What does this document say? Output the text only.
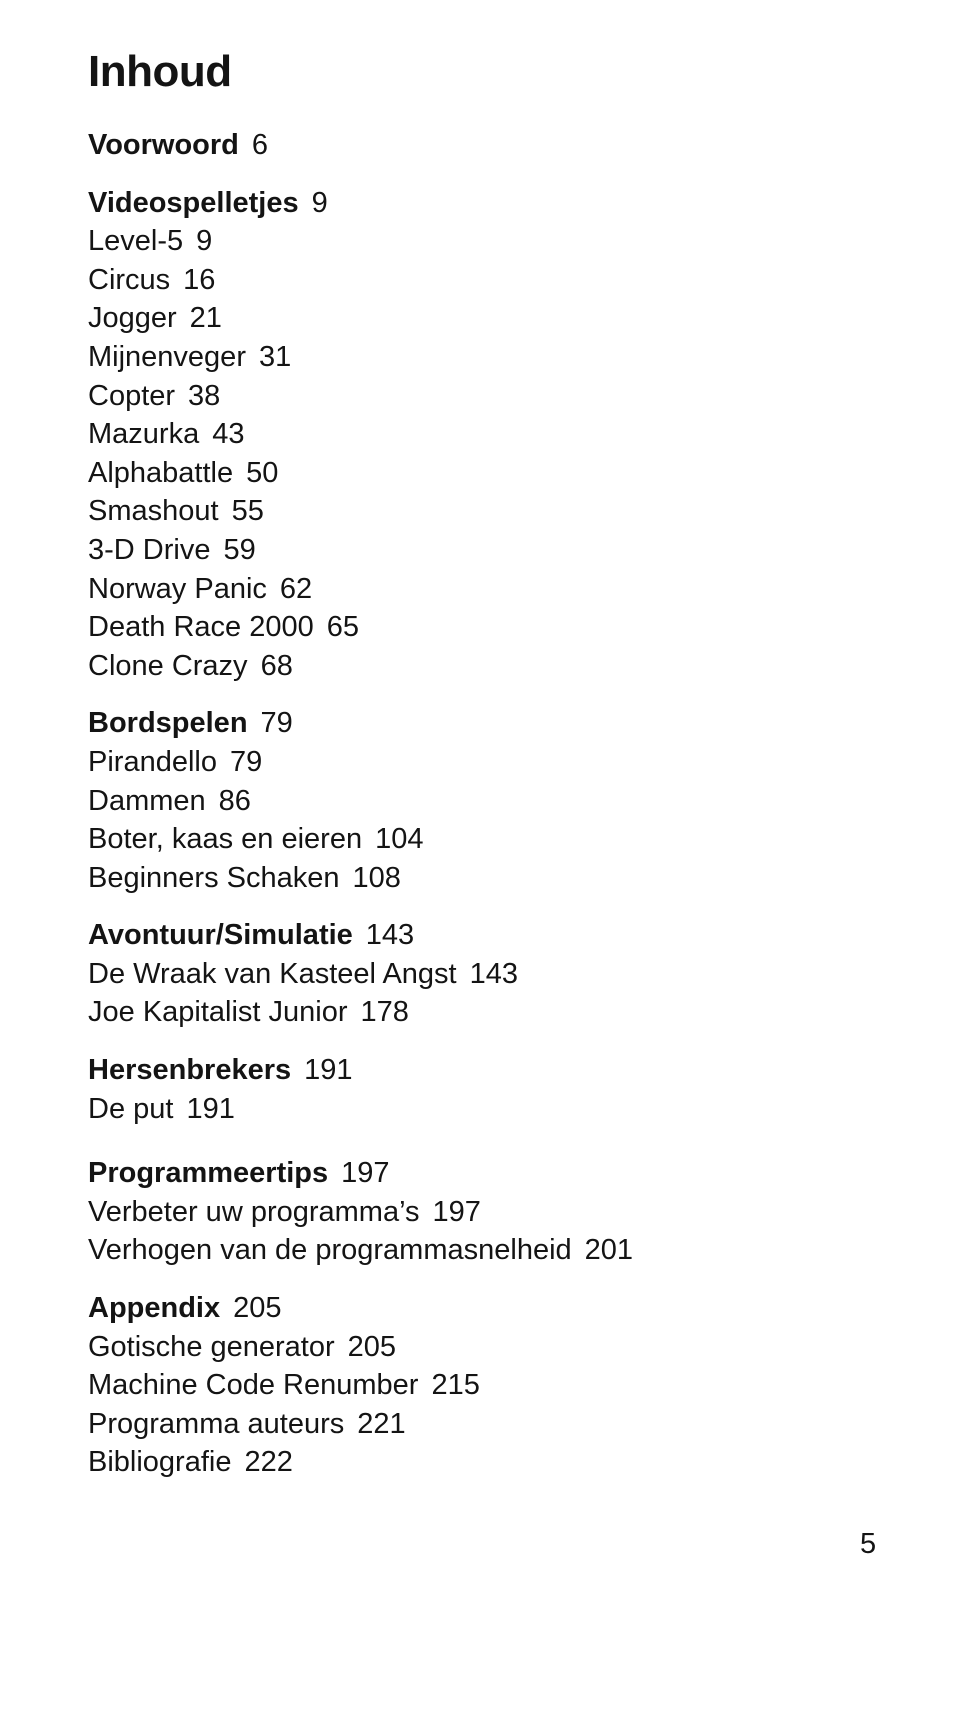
Inhoud
Voorwoord 6
Videospelletjes 9
Level-5 9
Circus 16
Jogger 21
Mijnenveger 31
Copter 38
Mazurka 43
Alphabattle 50
Smashout 55
3-D Drive 59
Norway Panic 62
Death Race 2000 65
Clone Crazy 68
Bordspelen 79
Pirandello 79
Dammen 86
Boter, kaas en eieren 104
Beginners Schaken 108
Avontuur/Simulatie 143
De Wraak van Kasteel Angst 143
Joe Kapitalist Junior 178
Hersenbrekers 191
De put 191
Programmeertips 197
Verbeter uw programma’s 197
Verhogen van de programmasnelheid 201
Appendix 205
Gotische generator 205
Machine Code Renumber 215
Programma auteurs 221
Bibliografie 222
5
